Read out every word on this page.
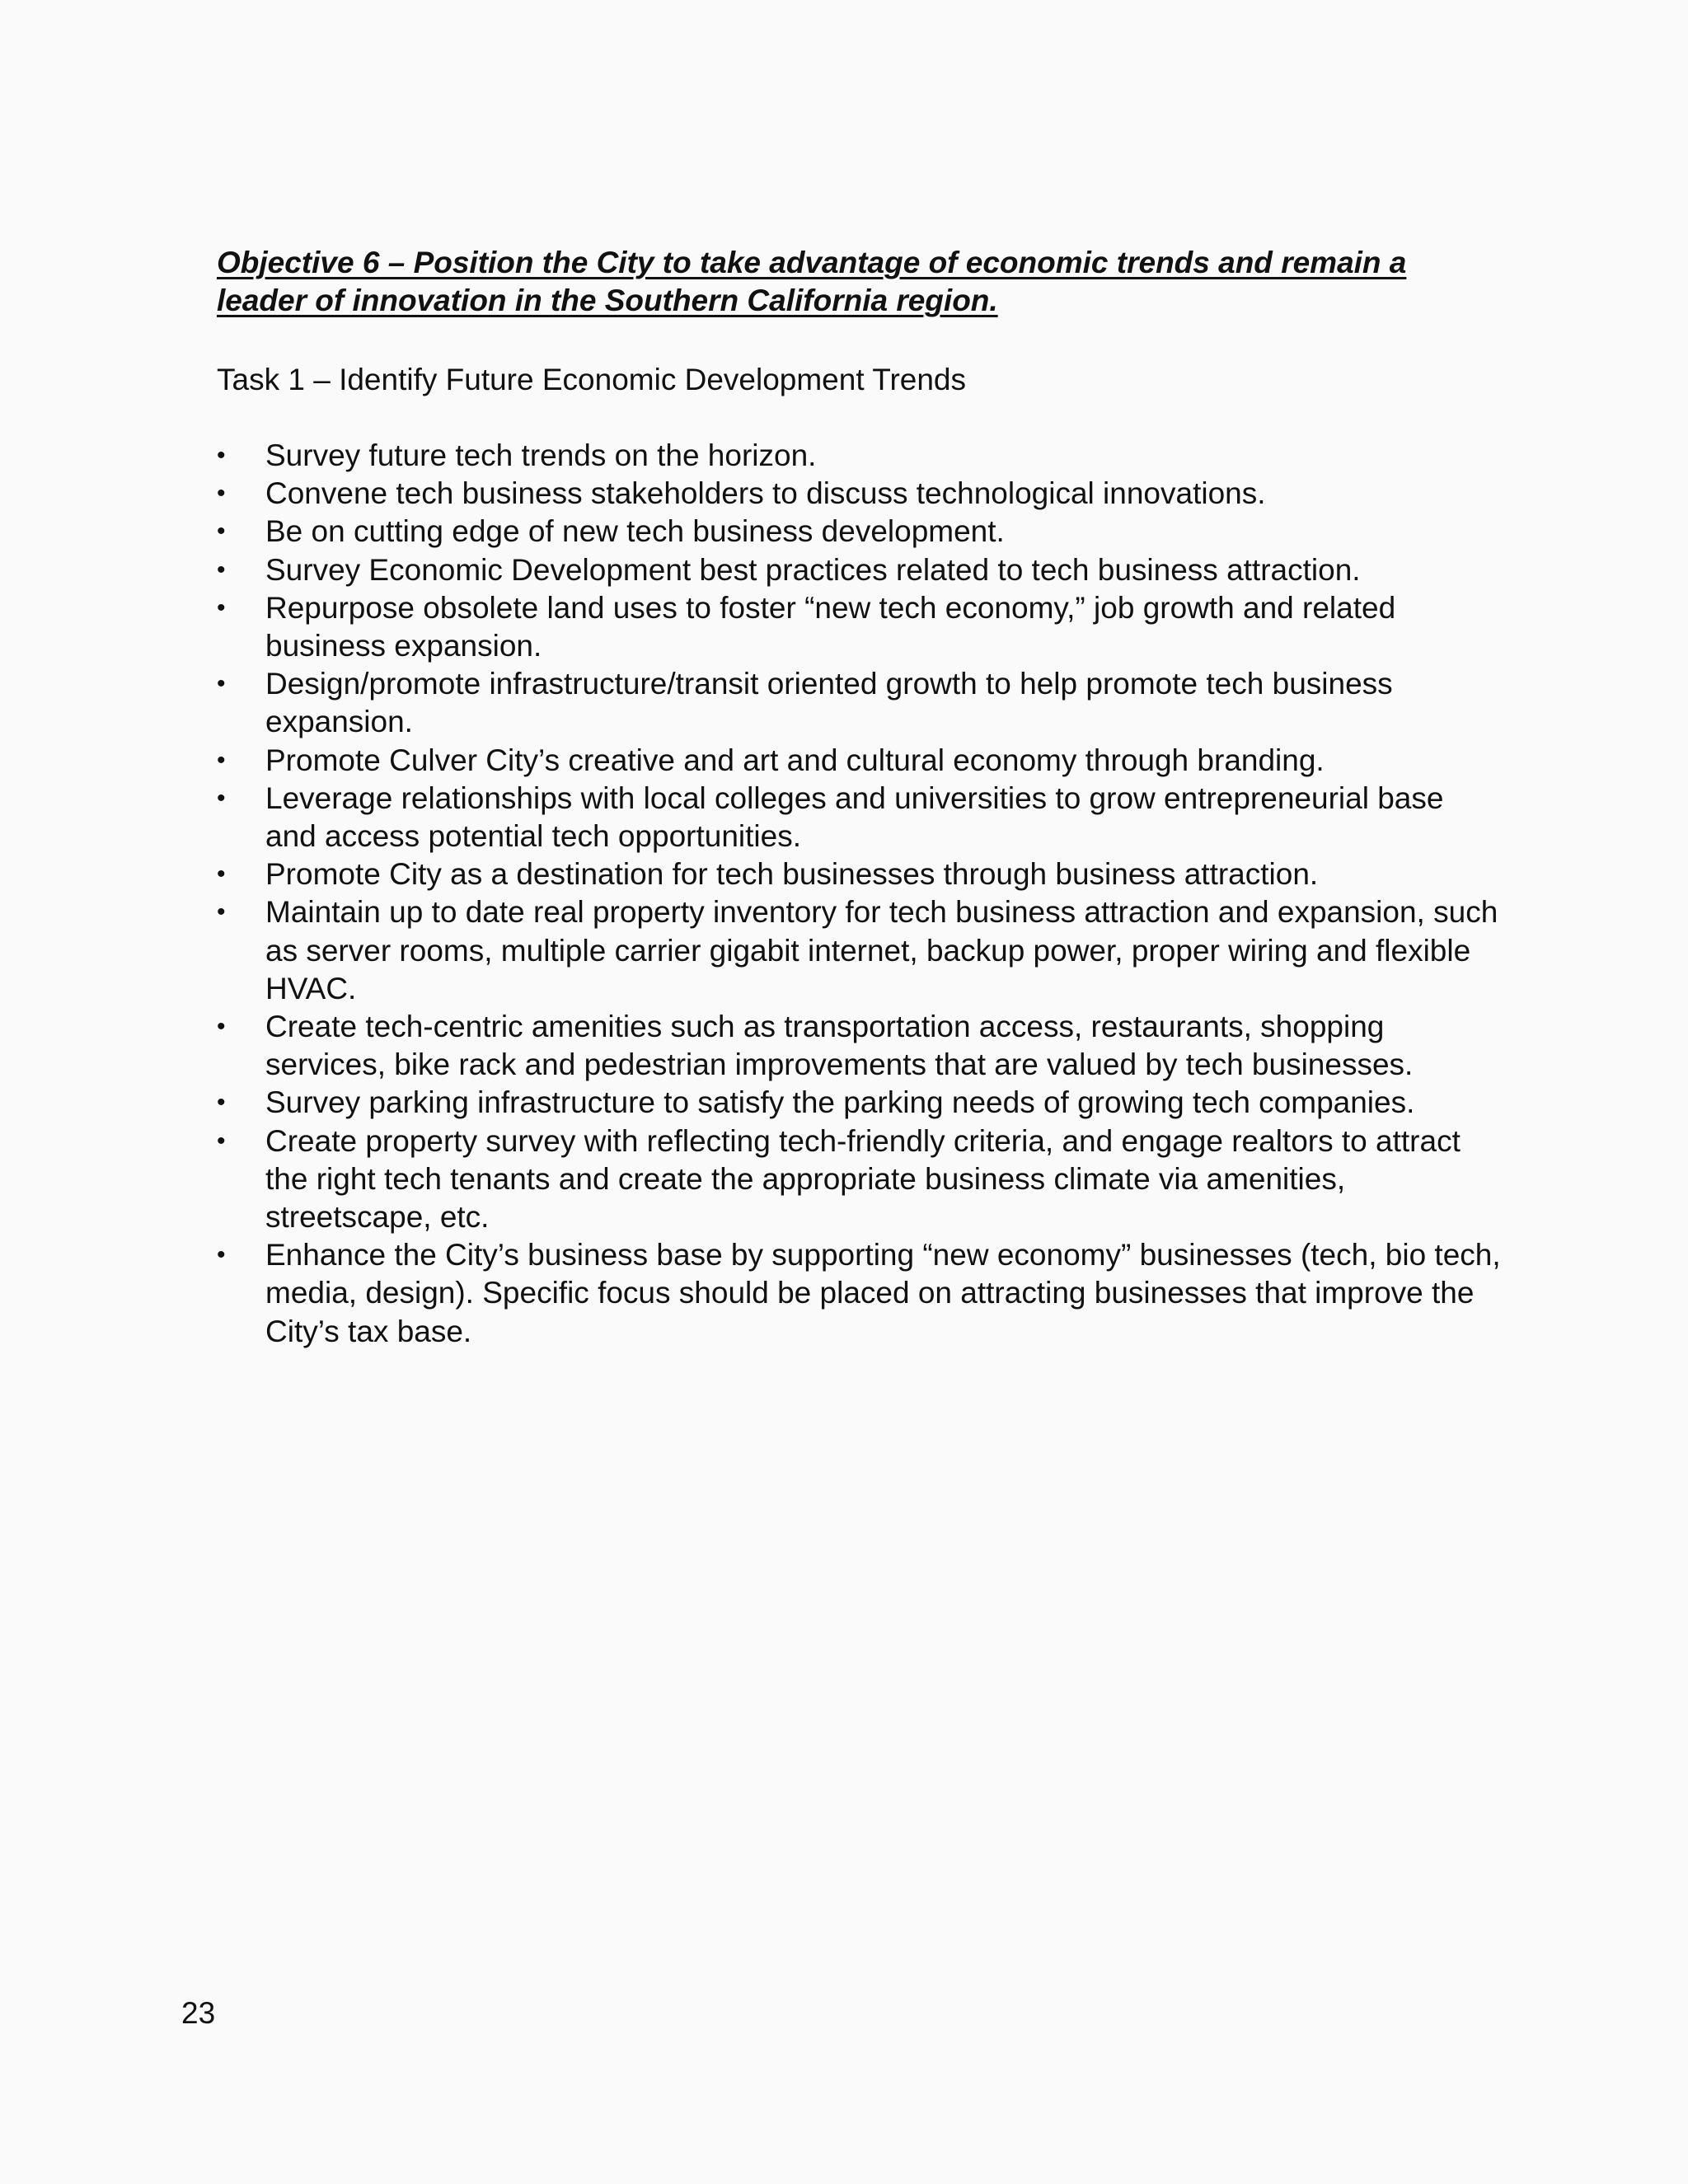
Objective 6 – Position the City to take advantage of economic trends and remain a leader of innovation in the Southern California region.

Task 1 – Identify Future Economic Development Trends

• Survey future tech trends on the horizon.
• Convene tech business stakeholders to discuss technological innovations.
• Be on cutting edge of new tech business development.
• Survey Economic Development best practices related to tech business attraction.
• Repurpose obsolete land uses to foster “new tech economy,” job growth and related business expansion.
• Design/promote infrastructure/transit oriented growth to help promote tech business expansion.
• Promote Culver City’s creative and art and cultural economy through branding.
• Leverage relationships with local colleges and universities to grow entrepreneurial base and access potential tech opportunities.
• Promote City as a destination for tech businesses through business attraction.
• Maintain up to date real property inventory for tech business attraction and expansion, such as server rooms, multiple carrier gigabit internet, backup power, proper wiring and flexible HVAC.
• Create tech-centric amenities such as transportation access, restaurants, shopping services, bike rack and pedestrian improvements that are valued by tech businesses.
• Survey parking infrastructure to satisfy the parking needs of growing tech companies.
• Create property survey with reflecting tech-friendly criteria, and engage realtors to attract the right tech tenants and create the appropriate business climate via amenities, streetscape, etc.
• Enhance the City’s business base by supporting “new economy” businesses (tech, bio tech, media, design). Specific focus should be placed on attracting businesses that improve the City’s tax base.

23
